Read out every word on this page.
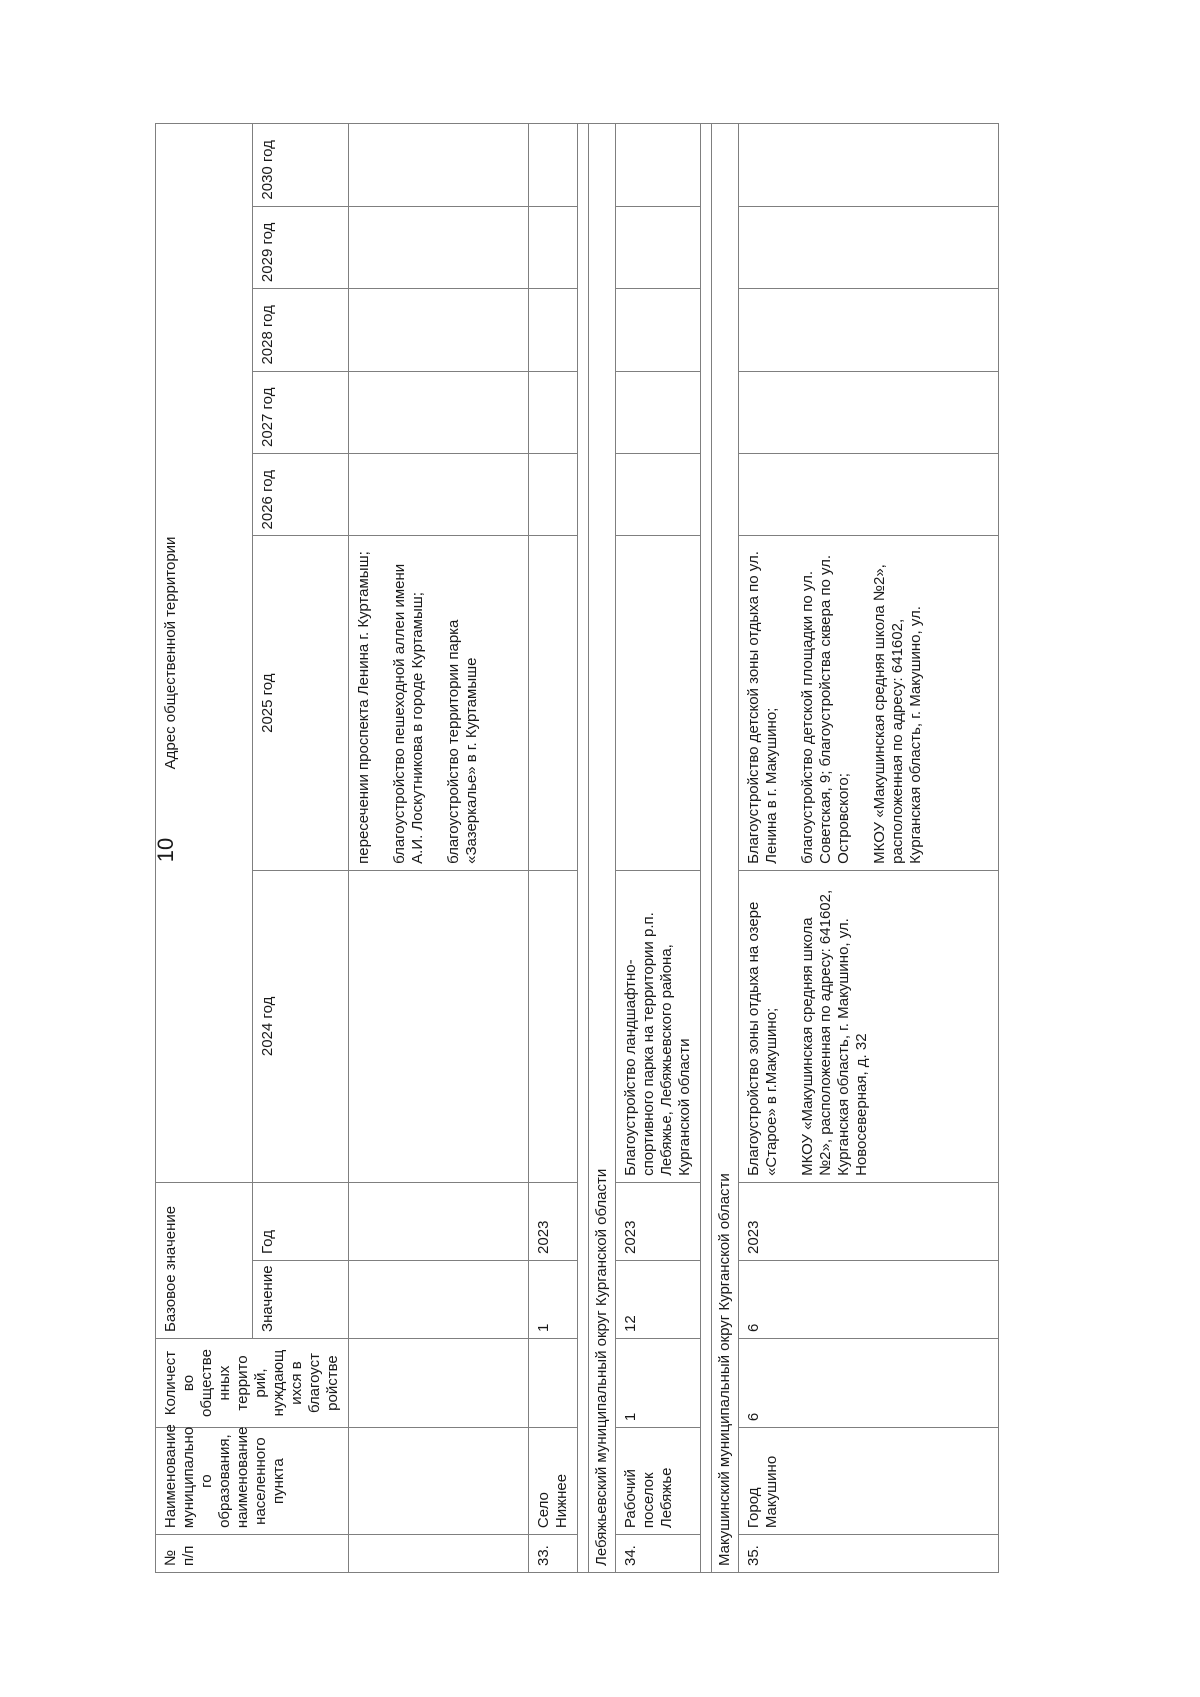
10
№ п/п	Наименование муниципально го образования, наименование населенного пункта	Количест во обществе нных террито рий, нуждающ ихся в благоуст ройстве	Базовое значение		Адрес общественной территории						
			Значение	Год	2024 год	2025 год	2026 год	2027 год	2028 год	2029 год	2030 год

						пересечении проспекта Ленина г. Куртамыш; благоустройство пешеходной аллеи имени А.И. Лоскутникова в городе Куртамыш; благоустройство территории парка «Зазеркалье» в г. Куртамыше					

33.	Село Нижнее		1	2023							

Лебяжьевский муниципальный округ Курганской области											
34.	Рабочий поселок Лебяжье	1	12	2023	Благоустройство ландшафтно-спортивного парка на территории р.п. Лебяжье, Лебяжьевского района, Курганской области						

Макушинский муниципальный округ Курганской области											
35.	Город Макушино	6	6	2023	Благоустройство зоны отдыха на озере «Старое» в г.Макушино; МКОУ «Макушинская средняя школа №2», расположенная по адресу: 641602, Курганская область, г. Макушино, ул. Новосеверная, д. 32	Благоустройство детской зоны отдыха по ул. Ленина в г. Макушино; благоустройство детской площадки по ул. Советская, 9; благоустройства сквера по ул. Островского; МКОУ «Макушинская средняя школа №2», расположенная по адресу: 641602, Курганская область, г. Макушино, ул.					
